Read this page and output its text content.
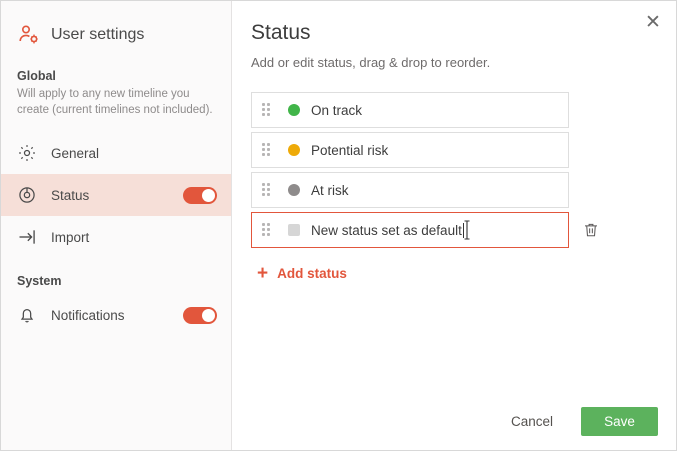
User settings
Global
Will apply to any new timeline you create (current timelines not included).
General
Status
Import
System
Notifications
✕
Status
Add or edit status, drag & drop to reorder.
On track
Potential risk
At risk
New status set as default
+ Add status
Cancel	Save
